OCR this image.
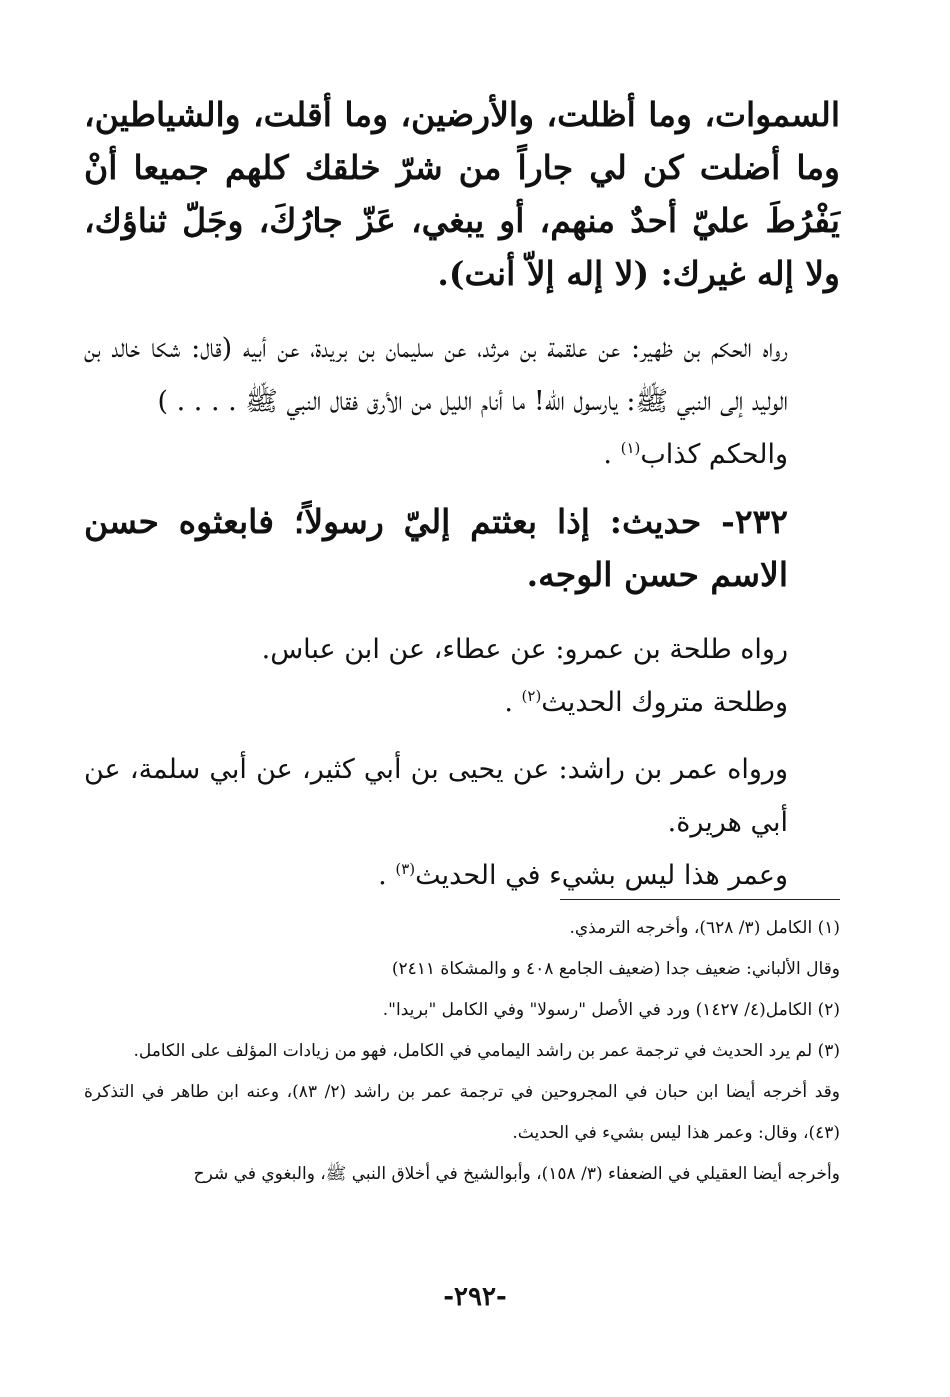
السموات، وما أظلت، والأرضين، وما أقلت، والشياطين، وما أضلت كن لي جاراً من شرّ خلقك كلهم جميعا أنْ يَفْرُطَ عليّ أحدٌ منهم، أو يبغي، عَزّ جارُكَ، وجَلّ ثناؤك، ولا إله غيرك: (لا إله إلاّ أنت).

رواه الحكم بن ظهير: عن علقمة بن مرثد، عن سليمان بن بريدة، عن أبيه (قال: شكا خالد بن الوليد إلى النبي ﷺ: يارسول الله! ما أنام الليل من الأرق فقال النبي ﷺ . . . . )

والحكم كذاب$^{(١)}$ .

٢٣٢- حديث: إذا بعثتم إليّ رسولاً؛ فابعثوه حسن الاسم حسن الوجه.

رواه طلحة بن عمرو: عن عطاء، عن ابن عباس.

وطلحة متروك الحديث$^{(٢)}$ .

ورواه عمر بن راشد: عن يحيى بن أبي كثير، عن أبي سلمة، عن أبي هريرة.

وعمر هذا ليس بشيء في الحديث$^{(٣)}$ .

(١) الكامل (٣/ ٦٢٨)، وأخرجه الترمذي.

وقال الألباني: ضعيف جدا (ضعيف الجامع ٤٠٨ و والمشكاة ٢٤١١)

(٢) الكامل(٤/ ١٤٢٧) ورد في الأصل "رسولا" وفي الكامل "بريدا".

(٣) لم يرد الحديث في ترجمة عمر بن راشد اليمامي في الكامل، فهو من زيادات المؤلف على الكامل.

وقد أخرجه أيضا ابن حبان في المجروحين في ترجمة عمر بن راشد (٢/ ٨٣)، وعنه ابن طاهر في التذكرة (٤٣)، وقال: وعمر هذا ليس بشيء في الحديث.

وأخرجه أيضا العقيلي في الضعفاء (٣/ ١٥٨)، وأبوالشيخ في أخلاق النبي ﷺ، والبغوي في شرح

-٢٩٢-
